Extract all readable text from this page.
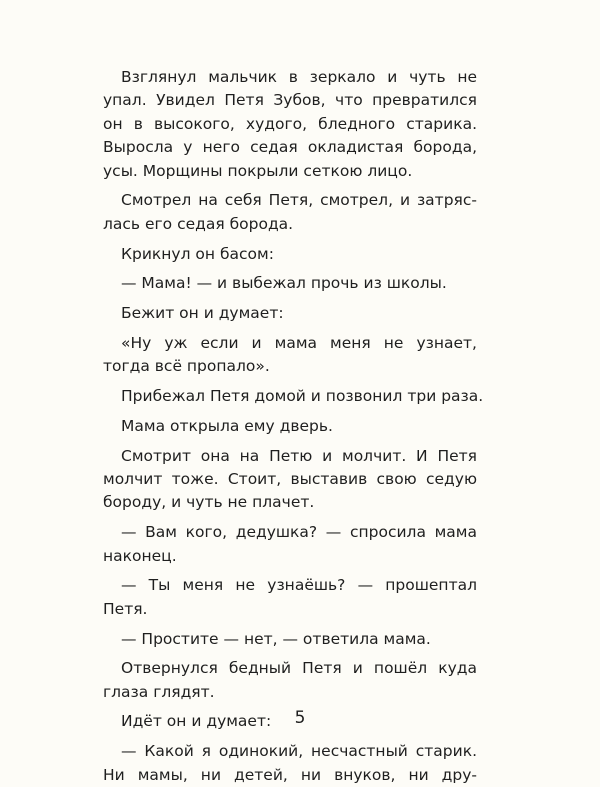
Взглянул мальчик в зеркало и чуть не
упал. Увидел Петя Зубов, что превратился
он в высокого, худого, бледного старика.
Выросла у него седая окладистая борода,
усы. Морщины покрыли сеткою лицо.
Смотрел на себя Петя, смотрел, и затряс-
лась его седая борода.
Крикнул он басом:
— Мама! — и выбежал прочь из школы.
Бежит он и думает:
«Ну уж если и мама меня не узнает,
тогда всё пропало».
Прибежал Петя домой и позвонил три раза.
Мама открыла ему дверь.
Смотрит она на Петю и молчит. И Петя
молчит тоже. Стоит, выставив свою седую
бороду, и чуть не плачет.
— Вам кого, дедушка? — спросила мама
наконец.
— Ты меня не узнаёшь? — прошептал
Петя.
— Простите — нет, — ответила мама.
Отвернулся бедный Петя и пошёл куда
глаза глядят.
Идёт он и думает:
— Какой я одинокий, несчастный старик.
Ни мамы, ни детей, ни внуков, ни дру-
5
